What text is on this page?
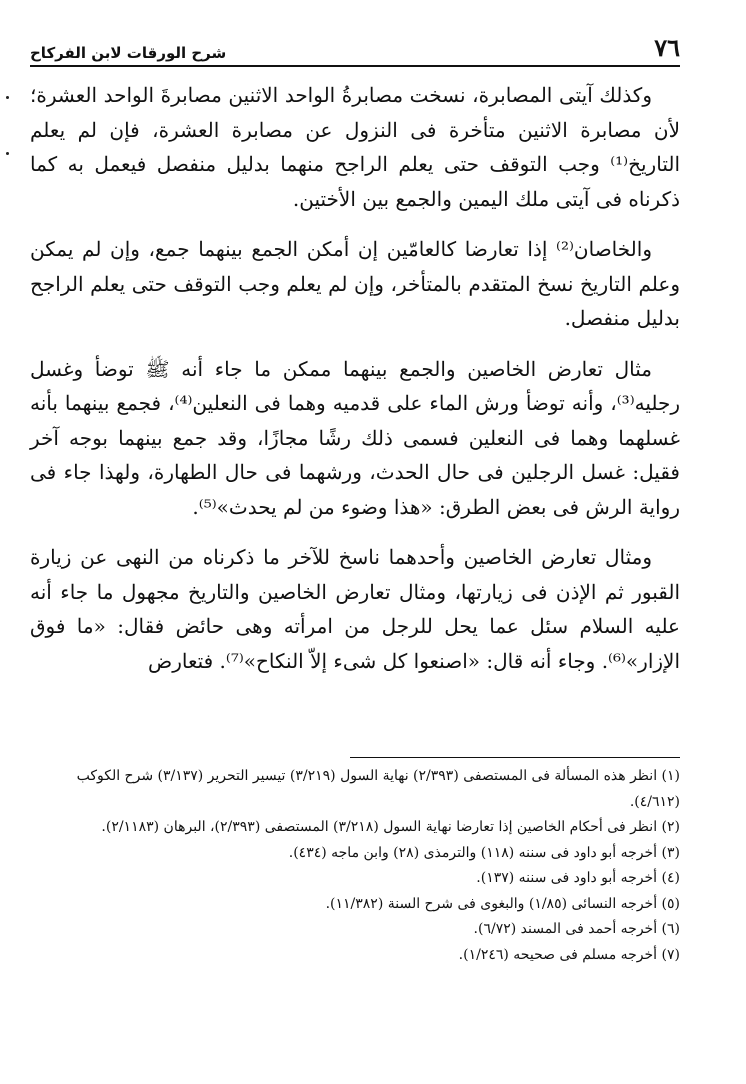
٧٦
شرح الورقات لابن الفركاح

وكذلك آيتى المصابرة، نسخت مصابرةُ الواحد الاثنين مصابرةَ الواحد العشرة؛ لأن مصابرة الاثنين متأخرة فى النزول عن مصابرة العشرة، فإن لم يعلم التاريخ⁽¹⁾ وجب التوقف حتى يعلم الراجح منهما بدليل منفصل فيعمل به كما ذكرناه فى آيتى ملك اليمين والجمع بين الأختين.

والخاصان⁽²⁾ إذا تعارضا كالعامّين إن أمكن الجمع بينهما جمع، وإن لم يمكن وعلم التاريخ نسخ المتقدم بالمتأخر، وإن لم يعلم وجب التوقف حتى يعلم الراجح بدليل منفصل.

مثال تعارض الخاصين والجمع بينهما ممكن ما جاء أنه ﷺ توضأ وغسل رجليه⁽³⁾، وأنه توضأ ورش الماء على قدميه وهما فى النعلين⁽⁴⁾، فجمع بينهما بأنه غسلهما وهما فى النعلين فسمى ذلك رشًا مجازًا، وقد جمع بينهما بوجه آخر فقيل: غسل الرجلين فى حال الحدث، ورشهما فى حال الطهارة، ولهذا جاء فى رواية الرش فى بعض الطرق: «هذا وضوء من لم يحدث»⁽⁵⁾.

ومثال تعارض الخاصين وأحدهما ناسخ للآخر ما ذكرناه من النهى عن زيارة القبور ثم الإذن فى زيارتها، ومثال تعارض الخاصين والتاريخ مجهول ما جاء أنه عليه السلام سئل عما يحل للرجل من امرأته وهى حائض فقال: «ما فوق الإزار»⁽⁶⁾. وجاء أنه قال: «اصنعوا كل شىء إلاّ النكاح»⁽⁷⁾. فتعارض

(١) انظر هذه المسألة فى المستصفى (٢/٣٩٣) نهاية السول (٣/٢١٩) تيسير التحرير (٣/١٣٧) شرح الكوكب (٤/٦١٢).

(٢) انظر فى أحكام الخاصين إذا تعارضا نهاية السول (٣/٢١٨) المستصفى (٢/٣٩٣)، البرهان (٢/١١٨٣).

(٣) أخرجه أبو داود فى سننه (١١٨) والترمذى (٢٨) وابن ماجه (٤٣٤).

(٤) أخرجه أبو داود فى سننه (١٣٧).

(٥) أخرجه النسائى (١/٨٥) والبغوى فى شرح السنة (١١/٣٨٢).

(٦) أخرجه أحمد فى المسند (٦/٧٢).

(٧) أخرجه مسلم فى صحيحه (١/٢٤٦).
